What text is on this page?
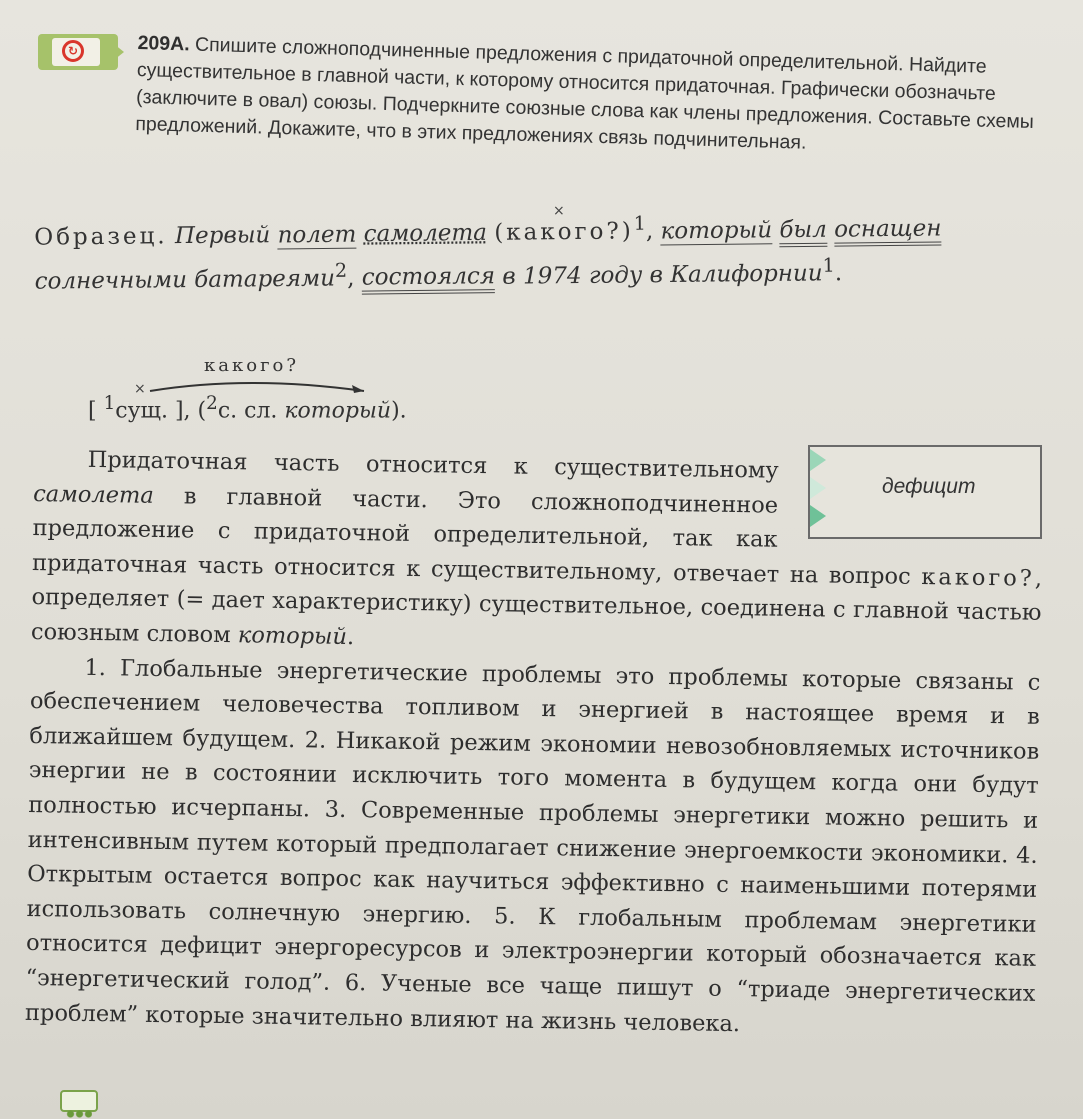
↻	209А. Спишите сложноподчиненные предложения с придаточной определительной. Найдите существительное в главной части, к которому относится придаточная. Графически обозначьте (заключите в овал) союзы. Подчеркните союзные слова как члены предложения. Составьте схемы предложений. Докажите, что в этих предложениях связь подчинительная.
×
Образец. Первый полет самолета (какого?)$^1$, который был оснащен солнечными батареями$^2$, состоялся в 1974 году в Калифорнии$^1$.
какого?
×
[ $^1$сущ. ], ($^2$с. сл. который).
дефицит

Придаточная часть относится к существительному самолета в главной части. Это сложноподчиненное предложение с придаточной определительной, так как придаточная часть относится к существительному, отвечает на вопрос какого?, определяет (= дает характеристику) существительное, соединена с главной частью союзным словом который.

1. Глобальные энергетические проблемы это проблемы которые связаны с обеспечением человечества топливом и энергией в настоящее время и в ближайшем будущем. 2. Никакой режим экономии невозобновляемых источников энергии не в состоянии исключить того момента в будущем когда они будут полностью исчерпаны. 3. Современные проблемы энергетики можно решить и интенсивным путем который предполагает снижение энергоемкости экономики. 4. Открытым остается вопрос как научиться эффективно с наименьшими потерями использовать солнечную энергию. 5. К глобальным проблемам энергетики относится дефицит энергоресурсов и электроэнергии который обозначается как “энергетический голод”. 6. Ученые все чаще пишут о “триаде энергетических проблем” которые значительно влияют на жизнь человека.
